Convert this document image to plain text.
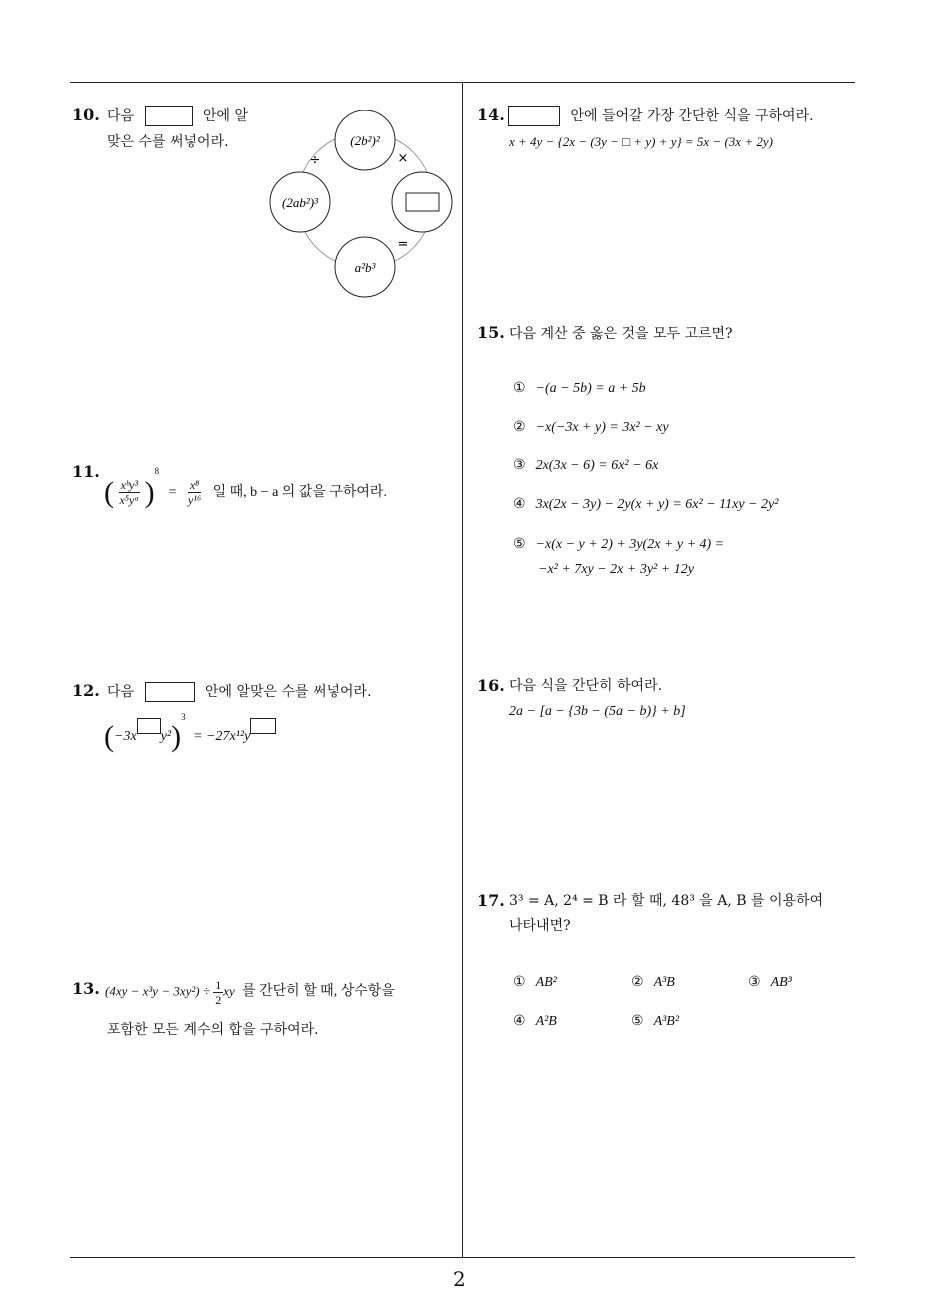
10. 다음	안에 알
맞은 수를 써넣어라.	(2b²)²
(2ab²)³
a²b³
÷	×
=
11.
( $\frac{\text{xᵇy³}}{\text{x⁵yᵃ}} )^8 = \frac{\text{x⁸}}{\text{y¹⁶}}$ 일 때, b − a 의 값을 구하여라.
12. 다음	안에 알맞은 수를 써넣어라.
(−3x y²)$^3$ = −27x¹²y
13. $(4xy - x^3y - 3xy^2) \div \frac{1}{2}$ xy 를 간단히 할 때, 상수항을
포함한 모든 계수의 합을 구하여라.
14.	안에 들어갈 가장 간단한 식을 구하여라.
x + 4y − {2x − (3y − □ + y) + y} = 5x − (3x + 2y)
15. 다음 계산 중 옳은 것을 모두 고르면?
① −(a − 5b) = a + 5b
② −x(−3x + y) = 3x² − xy
③ 2x(3x − 6) = 6x² − 6x
④ 3x(2x − 3y) − 2y(x + y) = 6x² − 11xy − 2y²
⑤ −x(x − y + 2) + 3y(2x + y + 4) =
−x² + 7xy − 2x + 3y² + 12y
16. 다음 식을 간단히 하여라.
2a − [a − {3b − (5a − b)} + b]
17. 3³ = A, 2⁴ = B 라 할 때, 48³ 을 A, B 를 이용하여
나타내면?
① AB²	② A³B	③ AB³
④ A²B	⑤ A³B²
2
